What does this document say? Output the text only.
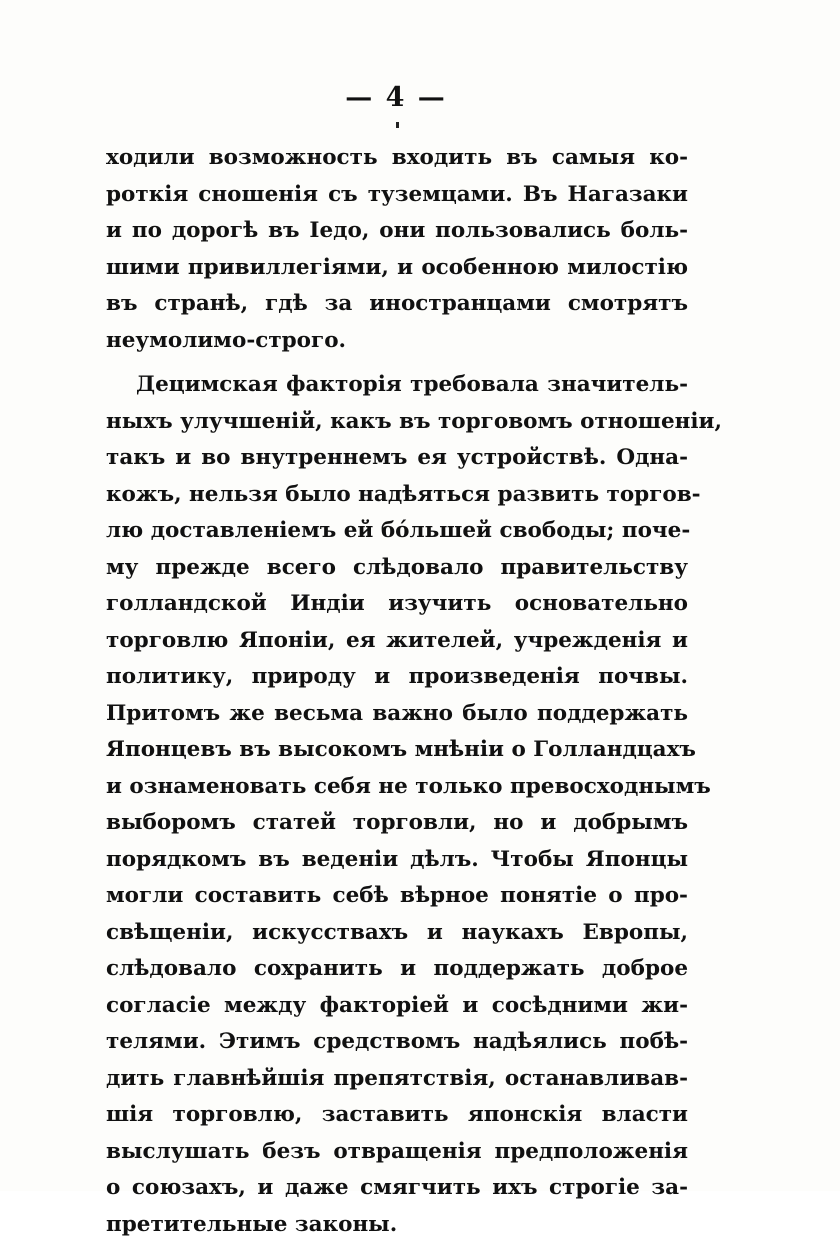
— 4 —
ходили возможность входить въ самыя ко-
роткія сношенія съ туземцами. Въ Нагазаки
и по дорогѣ въ Іедо, они пользовались боль-
шими привиллегіями, и особенною милостію
въ странѣ, гдѣ за иностранцами смотрятъ
неумолимо-строго.
Децимская факторія требовала значитель-
ныхъ улучшеній, какъ въ торговомъ отношеніи,
такъ и во внутреннемъ ея устройствѣ. Одна-
кожъ, нельзя было надѣяться развить торгов-
лю доставленіемъ ей бо́льшей свободы; поче-
му прежде всего слѣдовало правительству
голландской Индіи изучить основательно
торговлю Японіи, ея жителей, учрежденія и
политику, природу и произведенія почвы.
Притомъ же весьма важно было поддержать
Японцевъ въ высокомъ мнѣніи о Голландцахъ
и ознаменовать себя не только превосходнымъ
выборомъ статей торговли, но и добрымъ
порядкомъ въ веденіи дѣлъ. Чтобы Японцы
могли составить себѣ вѣрное понятіе о про-
свѣщеніи, искусствахъ и наукахъ Европы,
слѣдовало сохранить и поддержать доброе
согласіе между факторіей и сосѣдними жи-
телями. Этимъ средствомъ надѣялись побѣ-
дить главнѣйшія препятствія, останавливав-
шія торговлю, заставить японскія власти
выслушать безъ отвращенія предположенія
о союзахъ, и даже смягчить ихъ строгіе за-
претительные законы.
